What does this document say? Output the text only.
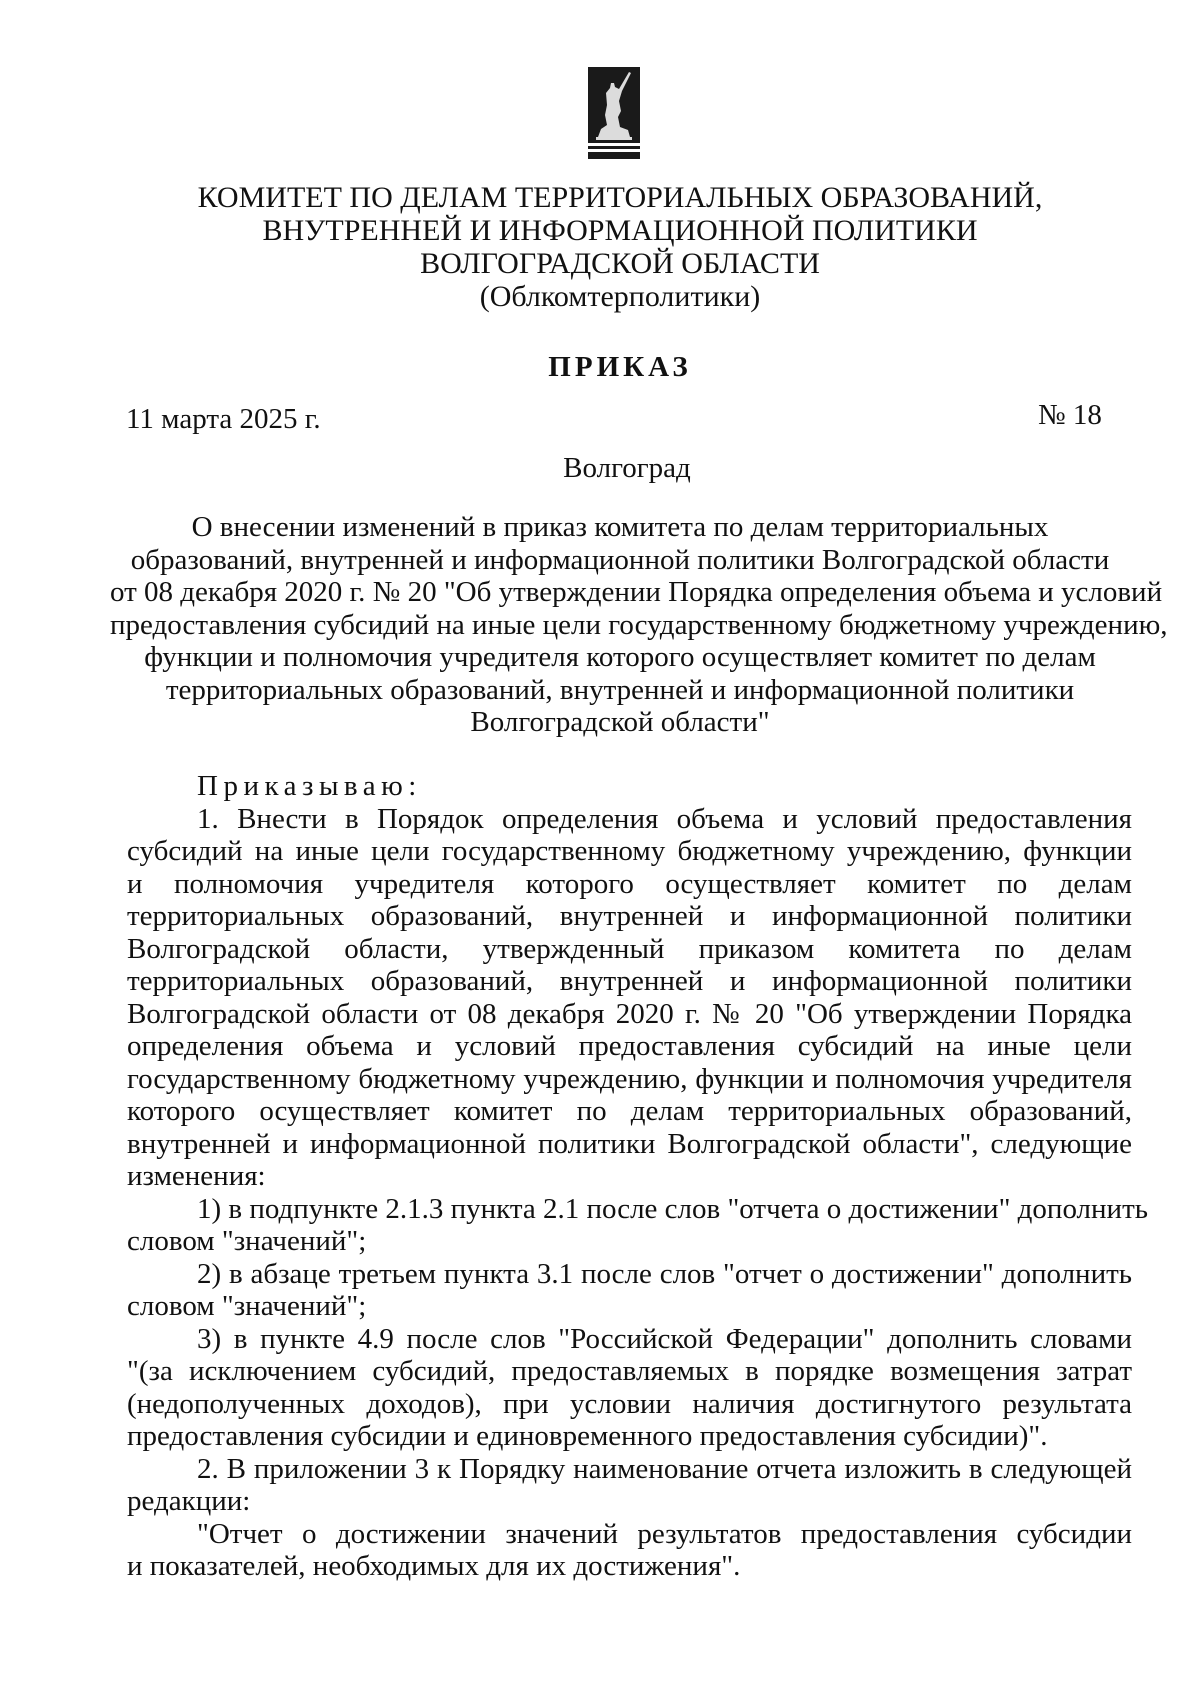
КОМИТЕТ ПО ДЕЛАМ ТЕРРИТОРИАЛЬНЫХ ОБРАЗОВАНИЙ,
ВНУТРЕННЕЙ И ИНФОРМАЦИОННОЙ ПОЛИТИКИ
ВОЛГОГРАДСКОЙ ОБЛАСТИ
(Облкомтерполитики)
ПРИКАЗ
11 марта 2025 г.	№ 18
Волгоград
О внесении изменений в приказ комитета по делам территориальных
образований, внутренней и информационной политики Волгоградской области
от 08 декабря 2020 г. № 20 "Об утверждении Порядка определения объема и условий
предоставления субсидий на иные цели государственному бюджетному учреждению,
функции и полномочия учредителя которого осуществляет комитет по делам
территориальных образований, внутренней и информационной политики
Волгоградской области"
Приказываю:
1. Внести в Порядок определения объема и условий предоставления
субсидий на иные цели государственному бюджетному учреждению, функции
и полномочия учредителя которого осуществляет комитет по делам
территориальных образований, внутренней и информационной политики
Волгоградской области, утвержденный приказом комитета по делам
территориальных образований, внутренней и информационной политики
Волгоградской области от 08 декабря 2020 г. № 20 "Об утверждении Порядка
определения объема и условий предоставления субсидий на иные цели
государственному бюджетному учреждению, функции и полномочия учредителя
которого осуществляет комитет по делам территориальных образований,
внутренней и информационной политики Волгоградской области", следующие
изменения:
1) в подпункте 2.1.3 пункта 2.1 после слов "отчета о достижении" дополнить
словом "значений";
2) в абзаце третьем пункта 3.1 после слов "отчет о достижении" дополнить
словом "значений";
3) в пункте 4.9 после слов "Российской Федерации" дополнить словами
"(за исключением субсидий, предоставляемых в порядке возмещения затрат
(недополученных доходов), при условии наличия достигнутого результата
предоставления субсидии и единовременного предоставления субсидии)".
2. В приложении 3 к Порядку наименование отчета изложить в следующей
редакции:
"Отчет о достижении значений результатов предоставления субсидии
и показателей, необходимых для их достижения".
